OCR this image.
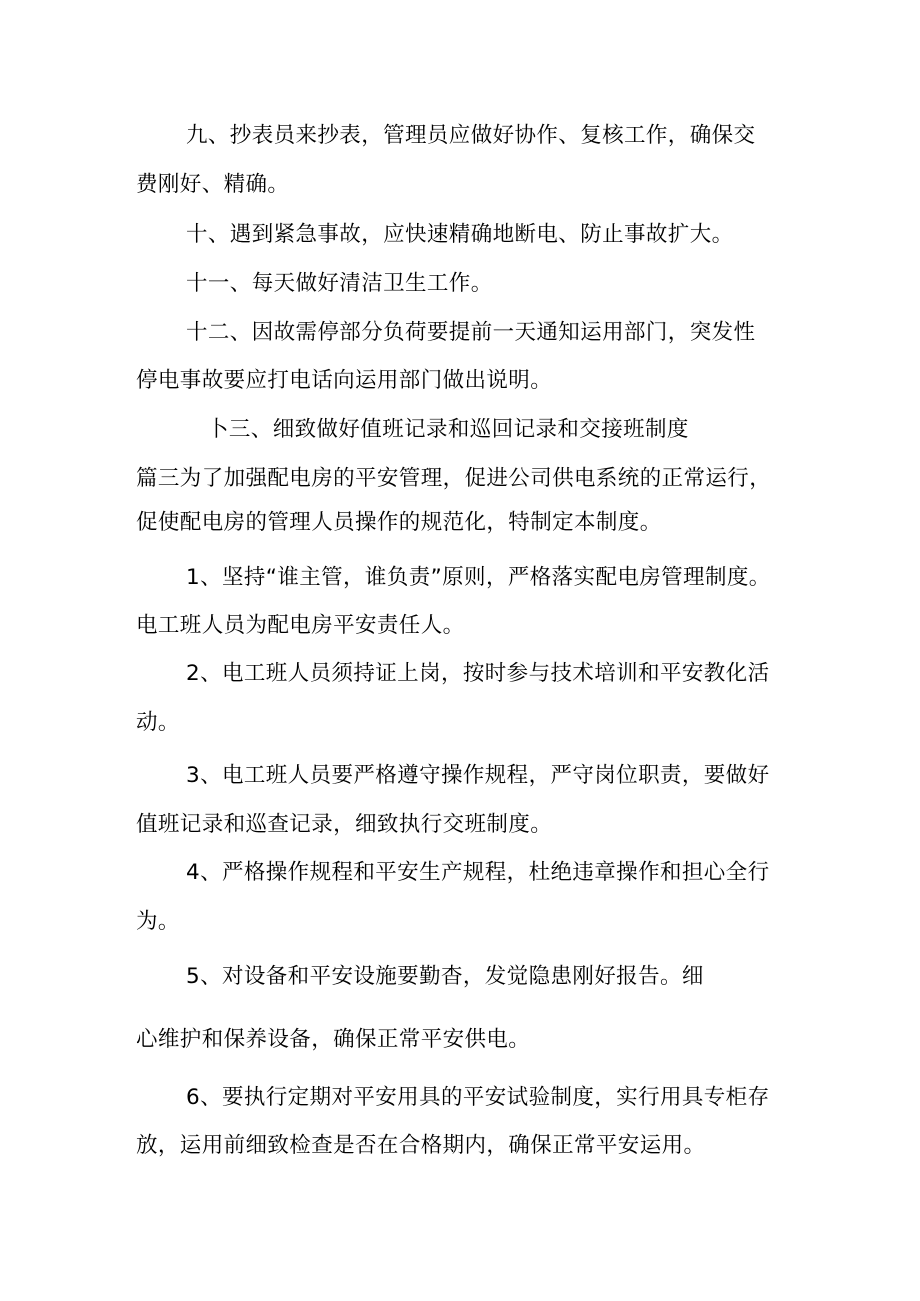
九、抄表员来抄表，管理员应做好协作、复核工作，确保交
费刚好、精确。
十、遇到紧急事故，应快速精确地断电、防止事故扩大。
十一、每天做好清洁卫生工作。
十二、因故需停部分负荷要提前一天通知运用部门，突发性
停电事故要应打电话向运用部门做出说明。
卜三、细致做好值班记录和巡回记录和交接班制度
篇三为了加强配电房的平安管理，促进公司供电系统的正常运行，
促使配电房的管理人员操作的规范化，特制定本制度。
1、坚持“谁主管，谁负责”原则，严格落实配电房管理制度。
电工班人员为配电房平安责任人。
2、电工班人员须持证上岗，按时参与技术培训和平安教化活
动。
3、电工班人员要严格遵守操作规程，严守岗位职责，要做好
值班记录和巡查记录，细致执行交班制度。
4、严格操作规程和平安生产规程，杜绝违章操作和担心全行
为。
5、对设备和平安设施要勤杳，发觉隐患刚好报告。细
心维护和保养设备，确保正常平安供电。
6、要执行定期对平安用具的平安试验制度，实行用具专柜存
放，运用前细致检查是否在合格期内，确保正常平安运用。
